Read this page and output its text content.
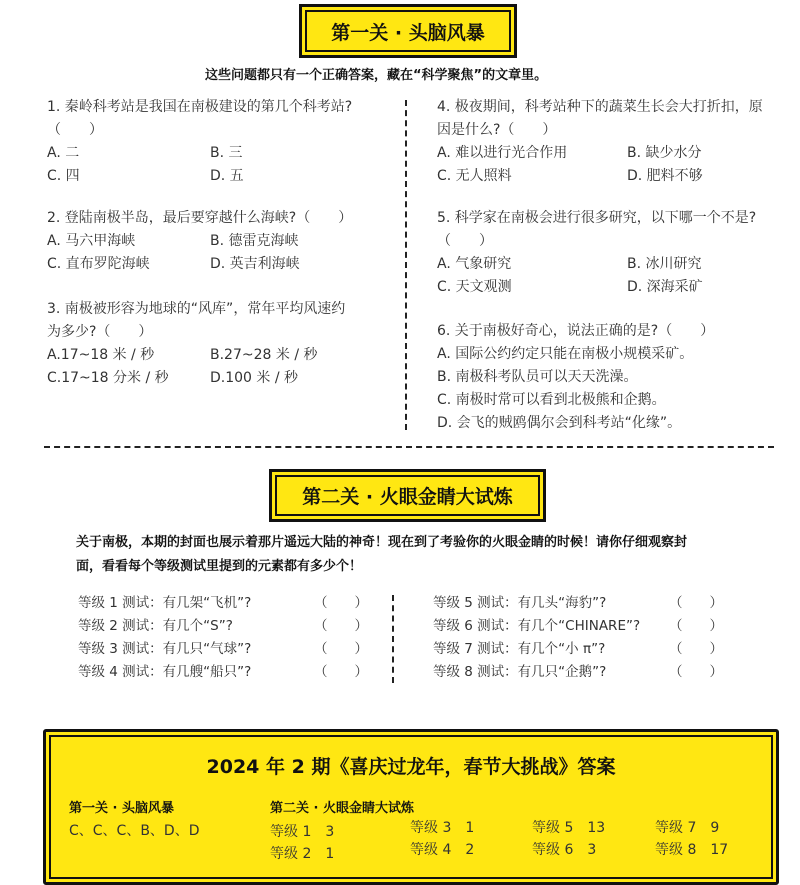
第一关 · 头脑风暴
这些问题都只有一个正确答案，藏在“科学聚焦”的文章里。
1. 秦岭科考站是我国在南极建设的第几个科考站?
（　　）
A. 二	B. 三
C. 四	D. 五
2. 登陆南极半岛，最后要穿越什么海峡?（　　）
A. 马六甲海峡	B. 德雷克海峡
C. 直布罗陀海峡	D. 英吉利海峡
3. 南极被形容为地球的“风库”，常年平均风速约
为多少?（　　）
A.17~18 米 / 秒	B.27~28 米 / 秒
C.17~18 分米 / 秒	D.100 米 / 秒
4. 极夜期间，科考站种下的蔬菜生长会大打折扣，原
因是什么?（　　）
A. 难以进行光合作用	B. 缺少水分
C. 无人照料	D. 肥料不够
5. 科学家在南极会进行很多研究，以下哪一个不是?
（　　）
A. 气象研究	B. 冰川研究
C. 天文观测	D. 深海采矿
6. 关于南极好奇心，说法正确的是?（　　）
A. 国际公约约定只能在南极小规模采矿。
B. 南极科考队员可以天天洗澡。
C. 南极时常可以看到北极熊和企鹅。
D. 会飞的贼鸥偶尔会到科考站“化缘”。
第二关 · 火眼金睛大试炼
关于南极，本期的封面也展示着那片遥远大陆的神奇！现在到了考验你的火眼金睛的时候！请你仔细观察封
面，看看每个等级测试里提到的元素都有多少个！
等级 1 测试：有几架“飞机”?	（　　）
等级 2 测试：有几个“S”?	（　　）
等级 3 测试：有几只“气球”?	（　　）
等级 4 测试：有几艘“船只”?	（　　）
等级 5 测试：有几头“海豹”?	（　　）
等级 6 测试：有几个“CHINARE”?	（　　）
等级 7 测试：有几个“小 π”?	（　　）
等级 8 测试：有几只“企鹅”?	（　　）
2024 年 2 期《喜庆过龙年，春节大挑战》答案
第一关 · 头脑风暴
C、C、C、B、D、D
第二关 · 火眼金睛大试炼
等级 1 3
等级 2 1
等级 3 1
等级 4 2
等级 5 13
等级 6 3
等级 7 9
等级 8 17
